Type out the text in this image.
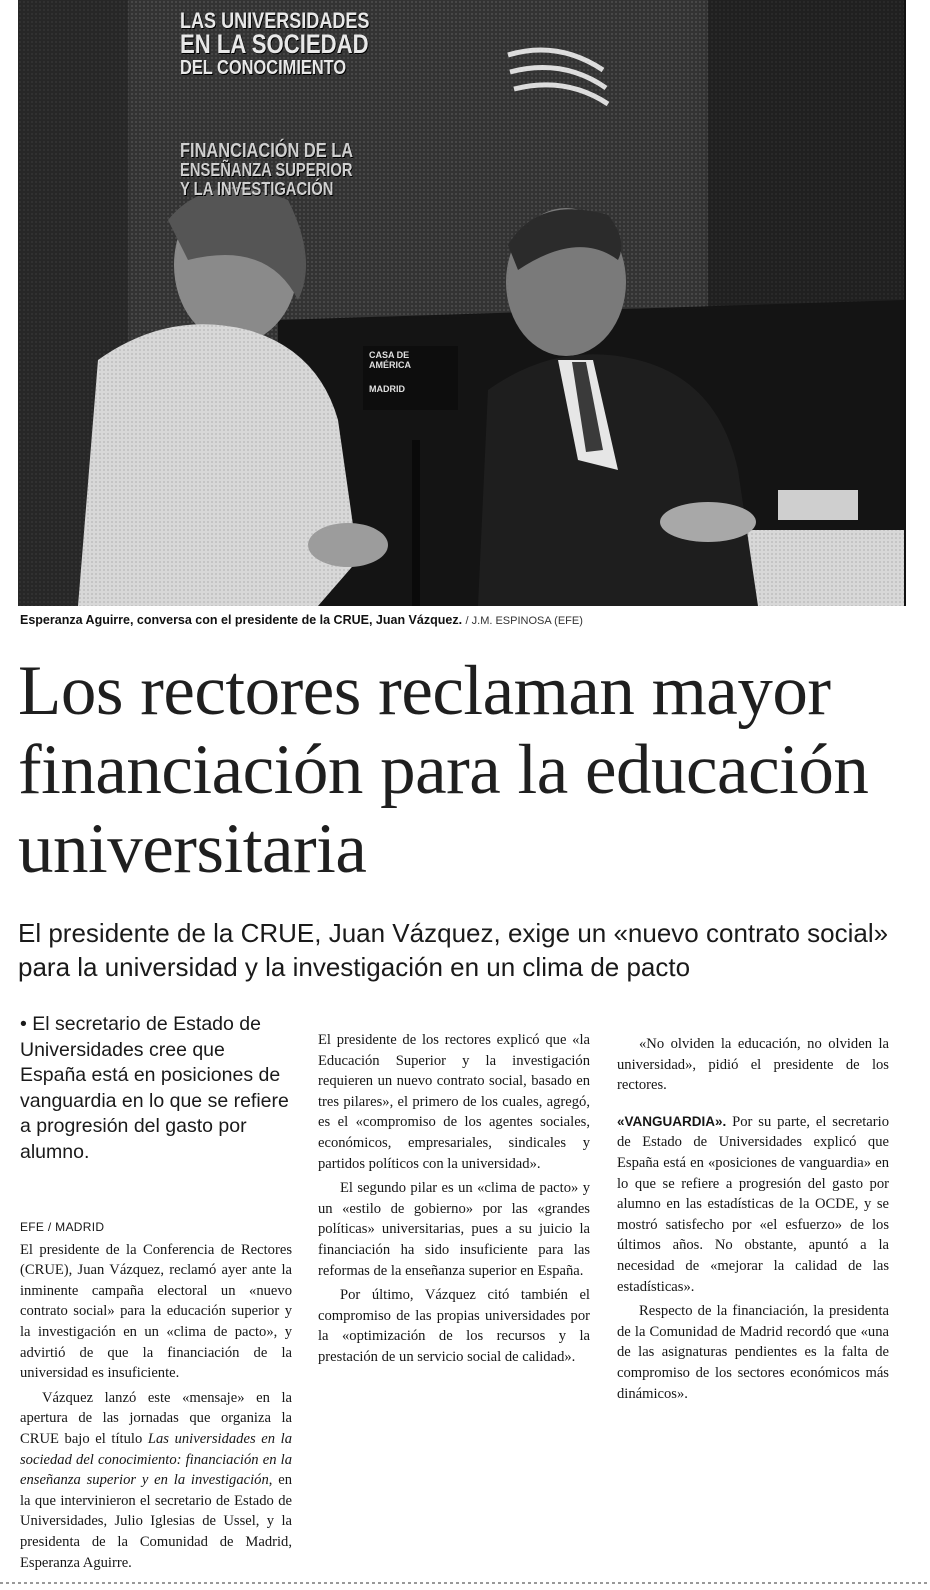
LAS UNIVERSIDADES
EN LA SOCIEDAD
DEL CONOCIMIENTO
FINANCIACIÓN DE LA
ENSEÑANZA SUPERIOR
Y LA INVESTIGACIÓN
CASA DE
AMÉRICA
MADRID
Esperanza Aguirre, conversa con el presidente de la CRUE, Juan Vázquez. / J.M. ESPINOSA (EFE)
Los rectores reclaman mayor financiación para la educación universitaria
El presidente de la CRUE, Juan Vázquez, exige un «nuevo contrato social» para la universidad y la investigación en un clima de pacto

• El secretario de Estado de Universidades cree que España está en posiciones de vanguardia en lo que se refiere a progresión del gasto por alumno.

EFE / MADRID

El presidente de la Conferencia de Rectores (CRUE), Juan Vázquez, reclamó ayer ante la inminente campaña electoral un «nuevo contrato social» para la educación superior y la investigación en un «clima de pacto», y advirtió de que la financiación de la universidad es insuficiente.

Vázquez lanzó este «mensaje» en la apertura de las jornadas que organiza la CRUE bajo el título Las universidades en la sociedad del conocimiento: financiación en la enseñanza superior y en la investigación, en la que intervinieron el secretario de Estado de Universidades, Julio Iglesias de Ussel, y la presidenta de la Comunidad de Madrid, Esperanza Aguirre.

El presidente de los rectores explicó que «la Educación Superior y la investigación requieren un nuevo contrato social, basado en tres pilares», el primero de los cuales, agregó, es el «compromiso de los agentes sociales, económicos, empresariales, sindicales y partidos políticos con la universidad».

El segundo pilar es un «clima de pacto» y un «estilo de gobierno» por las «grandes políticas» universitarias, pues a su juicio la financiación ha sido insuficiente para las reformas de la enseñanza superior en España.

Por último, Vázquez citó también el compromiso de las propias universidades por la «optimización de los recursos y la prestación de un servicio social de calidad».

«No olviden la educación, no olviden la universidad», pidió el presidente de los rectores.

«VANGUARDIA». Por su parte, el secretario de Estado de Universidades explicó que España está en «posiciones de vanguardia» en lo que se refiere a progresión del gasto por alumno en las estadísticas de la OCDE, y se mostró satisfecho por «el esfuerzo» de los últimos años. No obstante, apuntó a la necesidad de «mejorar la calidad de las estadísticas».

Respecto de la financiación, la presidenta de la Comunidad de Madrid recordó que «una de las asignaturas pendientes es la falta de compromiso de los sectores económicos más dinámicos».
